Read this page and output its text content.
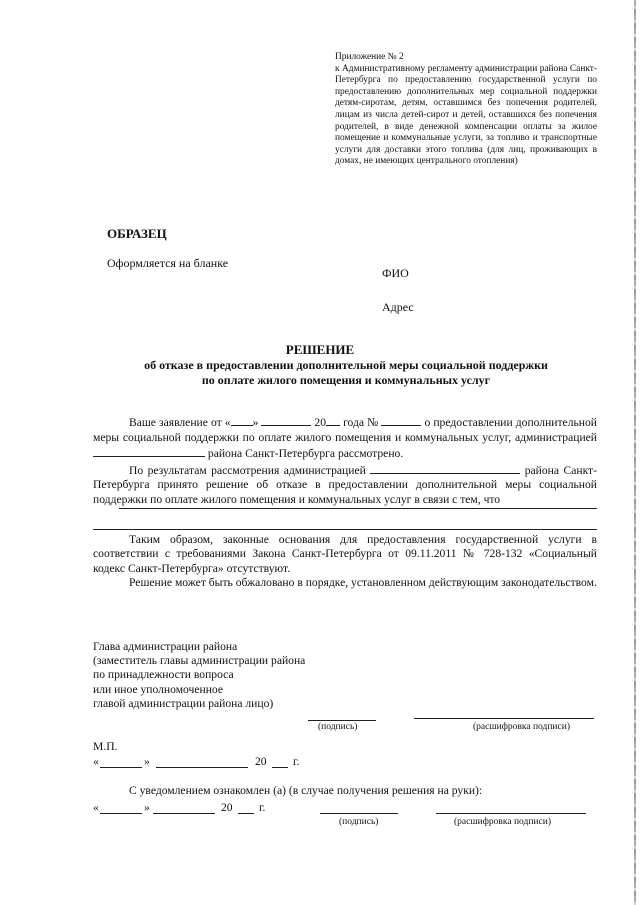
Приложение № 2
к Административному регламенту администрации района Санкт-Петербурга по предоставлению государственной услуги по предоставлению дополнительных мер социальной поддержки детям-сиротам, детям, оставшимся без попечения родителей, лицам из числа детей-сирот и детей, оставшихся без попечения родителей, в виде денежной компенсации оплаты за жилое помещение и коммунальные услуги, за топливо и транспортные услуги для доставки этого топлива (для лиц, проживающих в домах, не имеющих центрального отопления)
ОБРАЗЕЦ
Оформляется на бланке
ФИО
Адрес
РЕШЕНИЕ
об отказе в предоставлении дополнительной меры социальной поддержки
по оплате жилого помещения и коммунальных услуг

Ваше заявление от « »	20 года №	о предоставлении дополнительной меры социальной поддержки по оплате жилого помещения и коммунальных услуг, администрацией  района Санкт-Петербурга рассмотрено.

По результатам рассмотрения администрацией	района Санкт-Петербурга принято решение об отказе в предоставлении дополнительной меры социальной поддержки по оплате жилого помещения и коммунальных услуг в связи с тем, что

Таким образом, законные основания для предоставления государственной услуги в соответствии с требованиями Закона Санкт-Петербурга от 09.11.2011 № 728-132 «Социальный кодекс Санкт-Петербурга» отсутствуют.

Решение может быть обжаловано в порядке, установленном действующим законодательством.

Глава администрации района
(заместитель главы администрации района
по принадлежности вопроса
или иное уполномоченное
главой администрации района лицо)
(подпись)	(расшифровка подписи)
М.П.
«	»	20 г.
С уведомлением ознакомлен (а) (в случае получения решения на руки):
«	»	20 г.
(подпись)	(расшифровка подписи)
